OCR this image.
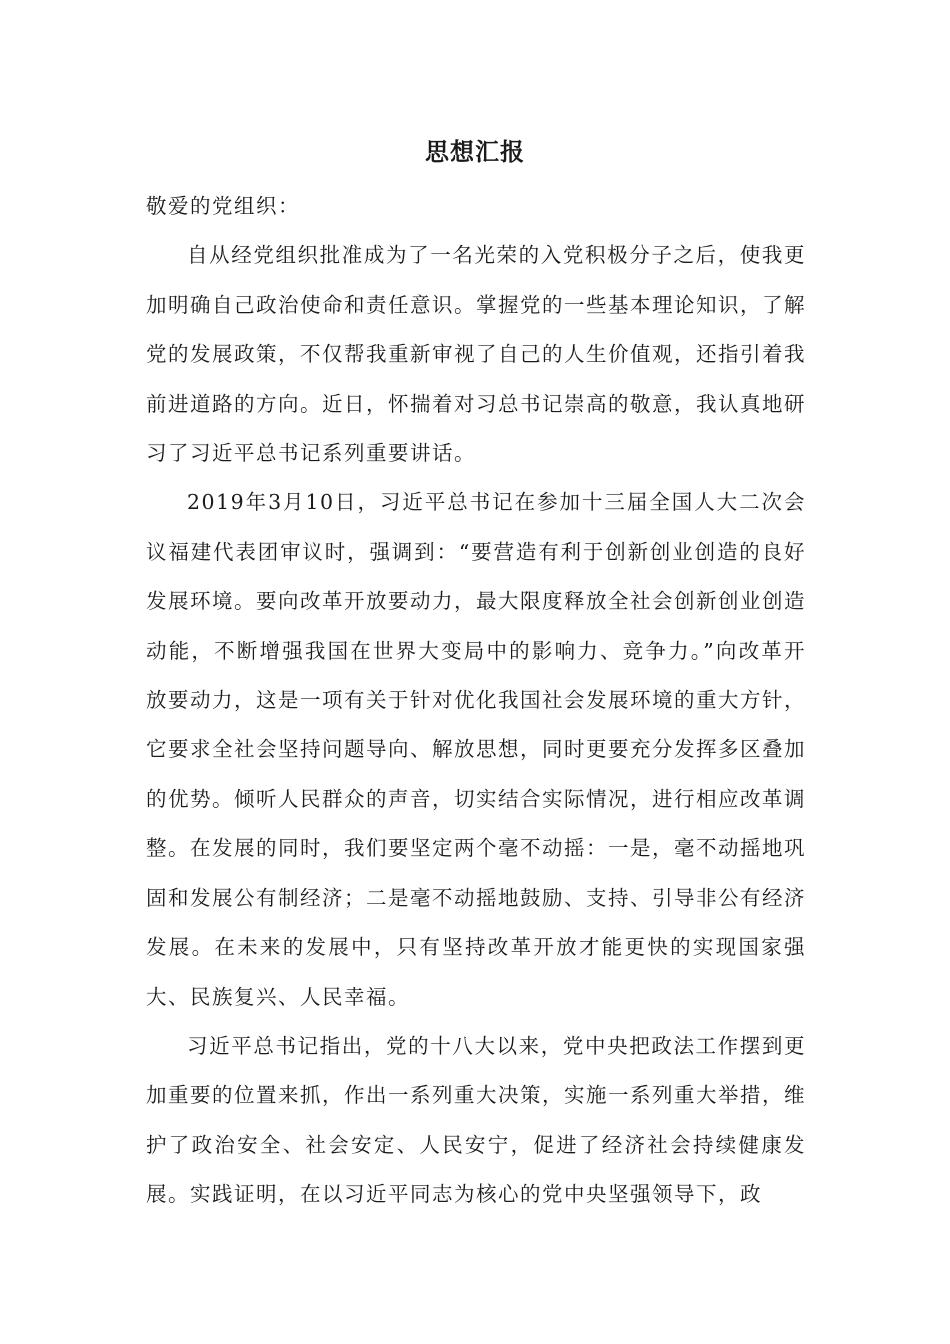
思想汇报

敬爱的党组织：

自从经党组织批准成为了一名光荣的入党积极分子之后，使我更加明确自己政治使命和责任意识。掌握党的一些基本理论知识，了解党的发展政策，不仅帮我重新审视了自己的人生价值观，还指引着我前进道路的方向。近日，怀揣着对习总书记崇高的敬意，我认真地研习了习近平总书记系列重要讲话。

2019年3月10日，习近平总书记在参加十三届全国人大二次会议福建代表团审议时，强调到：“要营造有利于创新创业创造的良好发展环境。要向改革开放要动力，最大限度释放全社会创新创业创造动能，不断增强我国在世界大变局中的影响力、竞争力。”向改革开放要动力，这是一项有关于针对优化我国社会发展环境的重大方针，它要求全社会坚持问题导向、解放思想，同时更要充分发挥多区叠加的优势。倾听人民群众的声音，切实结合实际情况，进行相应改革调整。在发展的同时，我们要坚定两个毫不动摇：一是，毫不动摇地巩固和发展公有制经济；二是毫不动摇地鼓励、支持、引导非公有经济发展。在未来的发展中，只有坚持改革开放才能更快的实现国家强大、民族复兴、人民幸福。

习近平总书记指出，党的十八大以来，党中央把政法工作摆到更加重要的位置来抓，作出一系列重大决策，实施一系列重大举措，维护了政治安全、社会安定、人民安宁，促进了经济社会持续健康发展。实践证明，在以习近平同志为核心的党中央坚强领导下，政
